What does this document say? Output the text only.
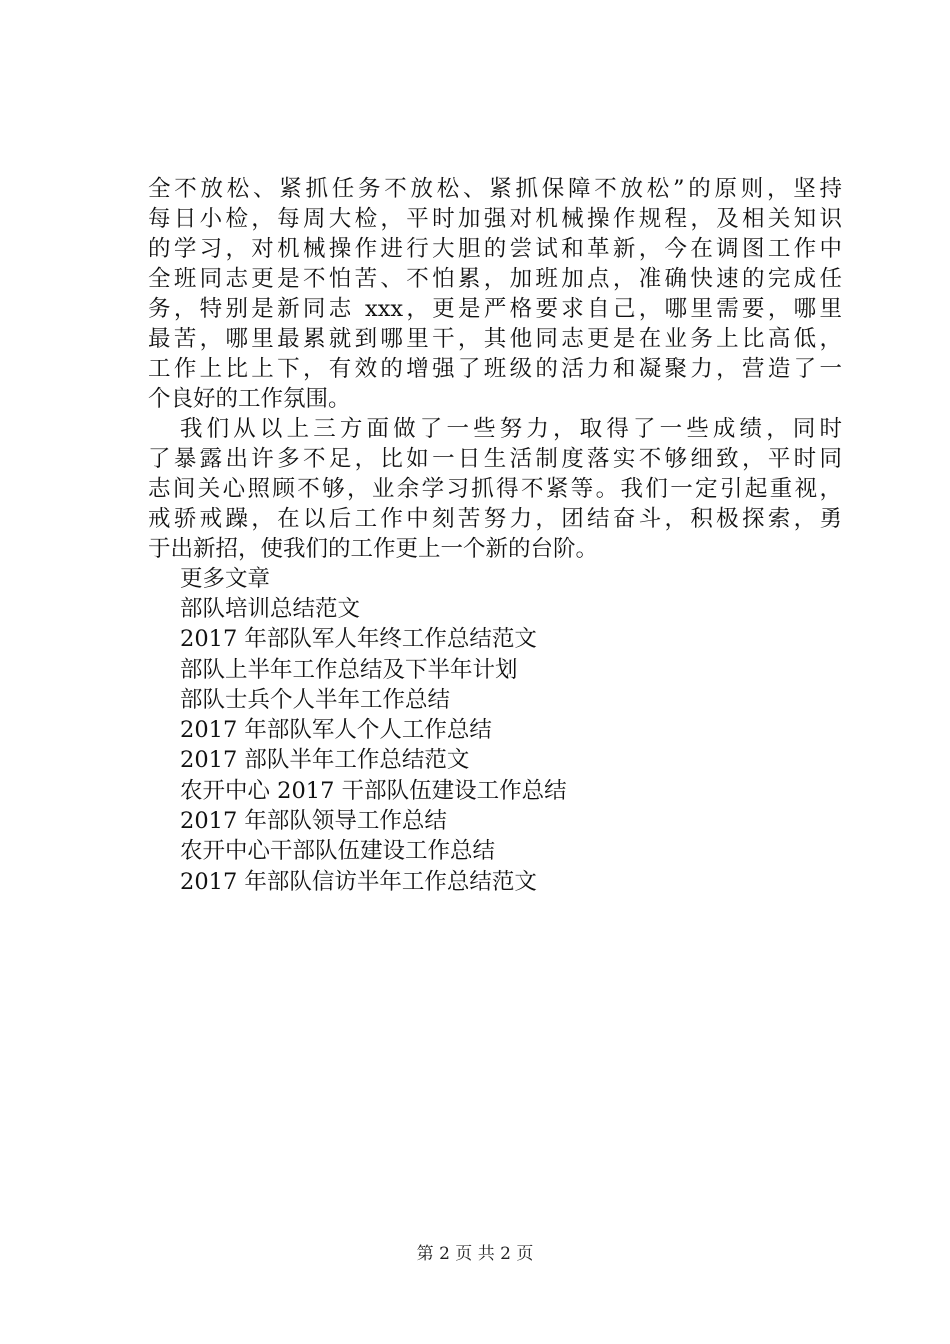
全不放松、紧抓任务不放松、紧抓保障不放松”的原则，坚持
每日小检，每周大检，平时加强对机械操作规程，及相关知识
的学习，对机械操作进行大胆的尝试和革新，今在调图工作中
全班同志更是不怕苦、不怕累，加班加点，准确快速的完成任
务，特别是新同志 xxx，更是严格要求自己，哪里需要，哪里
最苦，哪里最累就到哪里干，其他同志更是在业务上比高低，
工作上比上下，有效的增强了班级的活力和凝聚力，营造了一
个良好的工作氛围。
我们从以上三方面做了一些努力，取得了一些成绩，同时
了暴露出许多不足，比如一日生活制度落实不够细致，平时同
志间关心照顾不够，业余学习抓得不紧等。我们一定引起重视，
戒骄戒躁，在以后工作中刻苦努力，团结奋斗，积极探索，勇
于出新招，使我们的工作更上一个新的台阶。
更多文章
部队培训总结范文
2017 年部队军人年终工作总结范文
部队上半年工作总结及下半年计划
部队士兵个人半年工作总结
2017 年部队军人个人工作总结
2017 部队半年工作总结范文
农开中心 2017 干部队伍建设工作总结
2017 年部队领导工作总结
农开中心干部队伍建设工作总结
2017 年部队信访半年工作总结范文
第 2 页 共 2 页
